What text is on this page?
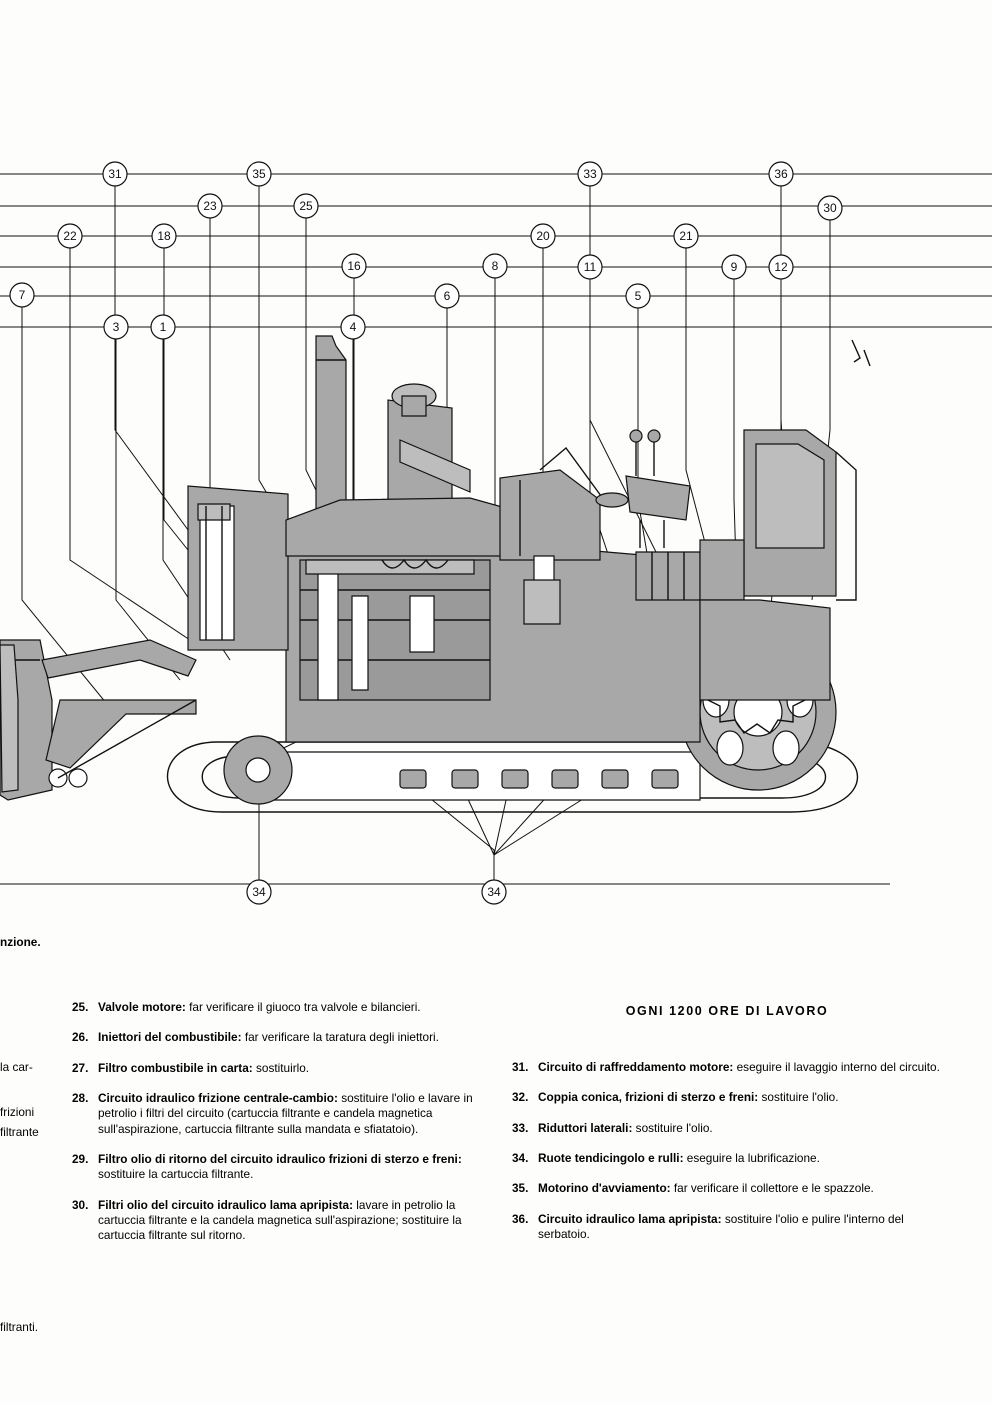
31	35	33	36
23	25	30
22	18	20	21
16	8	11	9	12
7	6	5
3	1	4
34	34
nzione.
la car-
frizioni
filtrante
filtranti.
25. Valvole motore: far verificare il giuoco tra valvole e bilancieri.
26. Iniettori del combustibile: far verificare la taratura degli iniettori.
27. Filtro combustibile in carta: sostituirlo.
28. Circuito idraulico frizione centrale-cambio: sostituire l'olio e lavare in petrolio i filtri del circuito (cartuccia filtrante e candela magnetica sull'aspirazione, cartuccia filtrante sulla mandata e sfiatatoio).
29. Filtro olio di ritorno del circuito idraulico frizioni di sterzo e freni: sostituire la cartuccia filtrante.
30. Filtri olio del circuito idraulico lama apripista: lavare in petrolio la cartuccia filtrante e la candela magnetica sull'aspirazione; sostituire la cartuccia filtrante sul ritorno.
OGNI 1200 ORE DI LAVORO
31. Circuito di raffreddamento motore: eseguire il lavaggio interno del circuito.
32. Coppia conica, frizioni di sterzo e freni: sostituire l'olio.
33. Riduttori laterali: sostituire l'olio.
34. Ruote tendicingolo e rulli: eseguire la lubrificazione.
35. Motorino d'avviamento: far verificare il collettore e le spazzole.
36. Circuito idraulico lama apripista: sostituire l'olio e pulire l'interno del serbatoio.
